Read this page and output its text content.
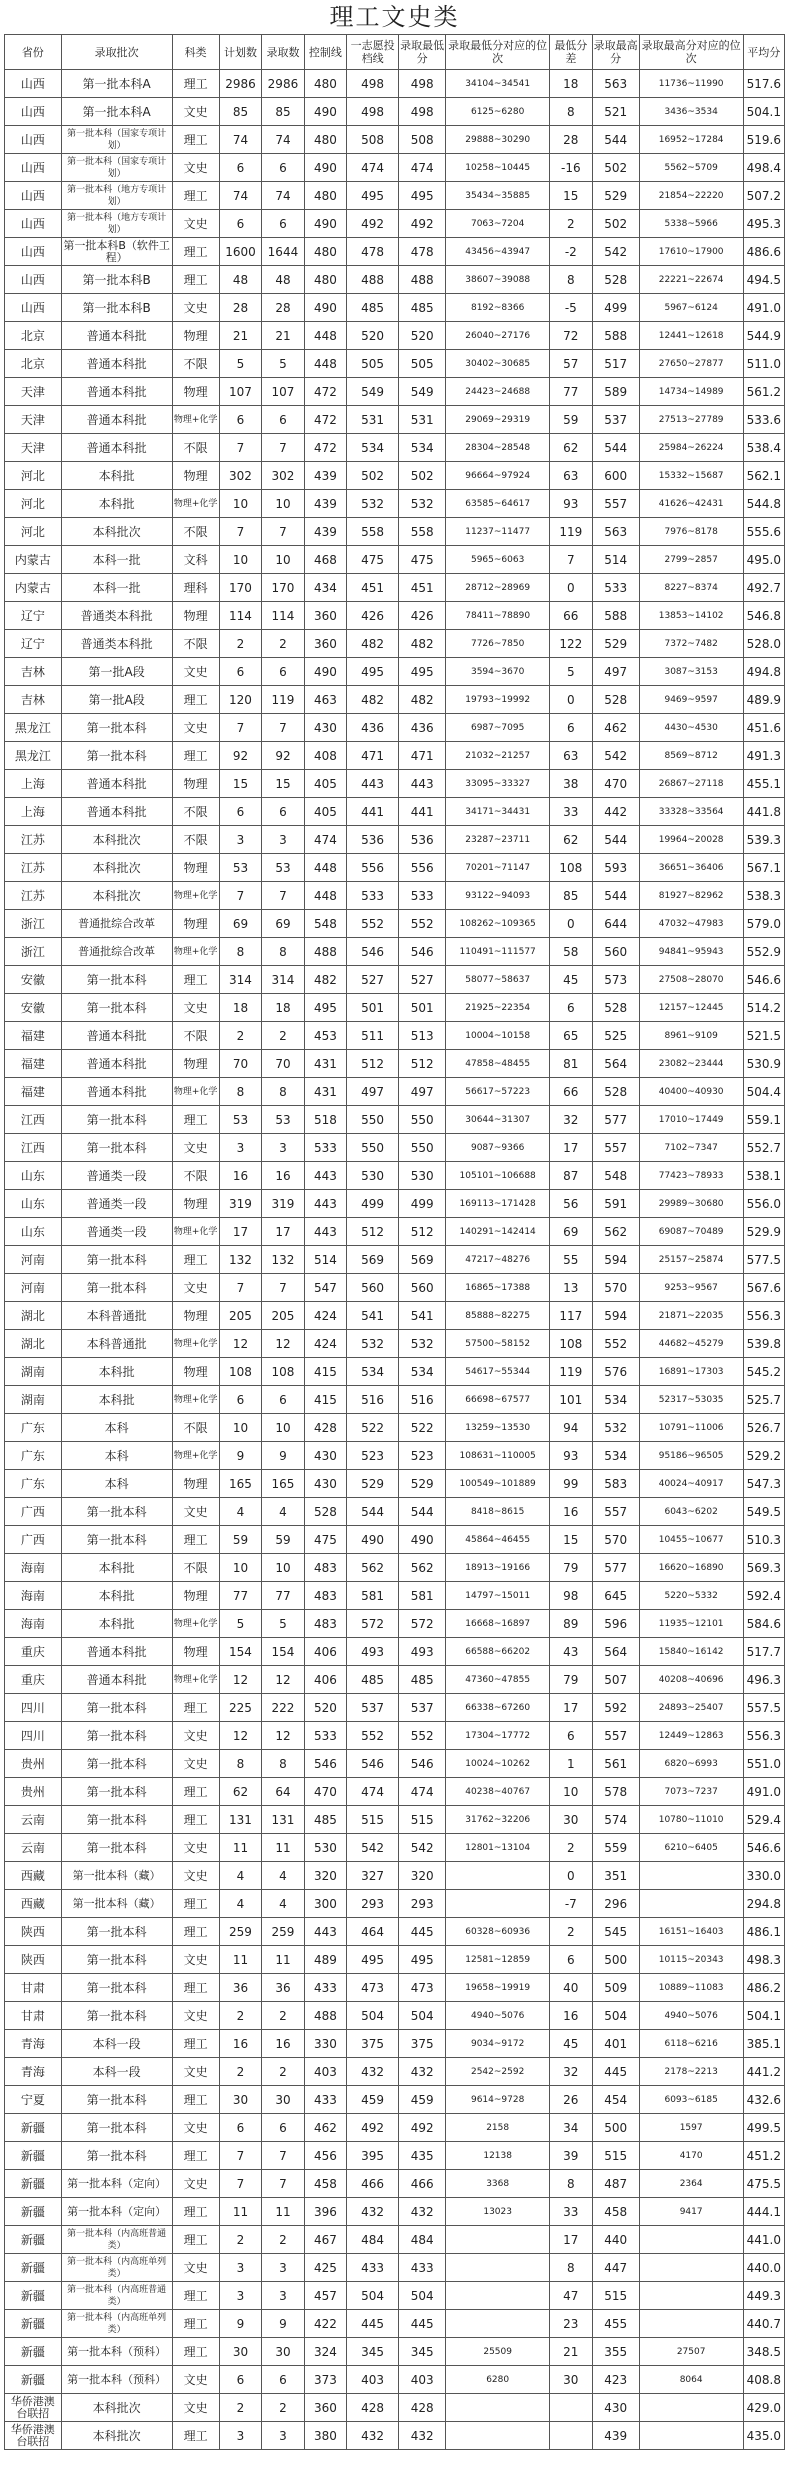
理工文史类
省份	录取批次	科类	计划数	录取数	控制线	一志愿投档线	录取最低分	录取最低分对应的位次	最低分差	录取最高分	录取最高分对应的位次	平均分
山西	第一批本科A	理工	2986	2986	480	498	498	34104~34541	18	563	11736~11990	517.6
山西	第一批本科A	文史	85	85	490	498	498	6125~6280	8	521	3436~3534	504.1
山西	第一批本科（国家专项计划）	理工	74	74	480	508	508	29888~30290	28	544	16952~17284	519.6
山西	第一批本科（国家专项计划）	文史	6	6	490	474	474	10258~10445	-16	502	5562~5709	498.4
山西	第一批本科（地方专项计划）	理工	74	74	480	495	495	35434~35885	15	529	21854~22220	507.2
山西	第一批本科（地方专项计划）	文史	6	6	490	492	492	7063~7204	2	502	5338~5966	495.3
山西	第一批本科B（软件工程）	理工	1600	1644	480	478	478	43456~43947	-2	542	17610~17900	486.6
山西	第一批本科B	理工	48	48	480	488	488	38607~39088	8	528	22221~22674	494.5
山西	第一批本科B	文史	28	28	490	485	485	8192~8366	-5	499	5967~6124	491.0
北京	普通本科批	物理	21	21	448	520	520	26040~27176	72	588	12441~12618	544.9
北京	普通本科批	不限	5	5	448	505	505	30402~30685	57	517	27650~27877	511.0
天津	普通本科批	物理	107	107	472	549	549	24423~24688	77	589	14734~14989	561.2
天津	普通本科批	物理+化学	6	6	472	531	531	29069~29319	59	537	27513~27789	533.6
天津	普通本科批	不限	7	7	472	534	534	28304~28548	62	544	25984~26224	538.4
河北	本科批	物理	302	302	439	502	502	96664~97924	63	600	15332~15687	562.1
河北	本科批	物理+化学	10	10	439	532	532	63585~64617	93	557	41626~42431	544.8
河北	本科批次	不限	7	7	439	558	558	11237~11477	119	563	7976~8178	555.6
内蒙古	本科一批	文科	10	10	468	475	475	5965~6063	7	514	2799~2857	495.0
内蒙古	本科一批	理科	170	170	434	451	451	28712~28969	0	533	8227~8374	492.7
辽宁	普通类本科批	物理	114	114	360	426	426	78411~78890	66	588	13853~14102	546.8
辽宁	普通类本科批	不限	2	2	360	482	482	7726~7850	122	529	7372~7482	528.0
吉林	第一批A段	文史	6	6	490	495	495	3594~3670	5	497	3087~3153	494.8
吉林	第一批A段	理工	120	119	463	482	482	19793~19992	0	528	9469~9597	489.9
黑龙江	第一批本科	文史	7	7	430	436	436	6987~7095	6	462	4430~4530	451.6
黑龙江	第一批本科	理工	92	92	408	471	471	21032~21257	63	542	8569~8712	491.3
上海	普通本科批	物理	15	15	405	443	443	33095~33327	38	470	26867~27118	455.1
上海	普通本科批	不限	6	6	405	441	441	34171~34431	33	442	33328~33564	441.8
江苏	本科批次	不限	3	3	474	536	536	23287~23711	62	544	19964~20028	539.3
江苏	本科批次	物理	53	53	448	556	556	70201~71147	108	593	36651~36406	567.1
江苏	本科批次	物理+化学	7	7	448	533	533	93122~94093	85	544	81927~82962	538.3
浙江	普通批综合改革	物理	69	69	548	552	552	108262~109365	0	644	47032~47983	579.0
浙江	普通批综合改革	物理+化学	8	8	488	546	546	110491~111577	58	560	94841~95943	552.9
安徽	第一批本科	理工	314	314	482	527	527	58077~58637	45	573	27508~28070	546.6
安徽	第一批本科	文史	18	18	495	501	501	21925~22354	6	528	12157~12445	514.2
福建	普通本科批	不限	2	2	453	511	513	10004~10158	65	525	8961~9109	521.5
福建	普通本科批	物理	70	70	431	512	512	47858~48455	81	564	23082~23444	530.9
福建	普通本科批	物理+化学	8	8	431	497	497	56617~57223	66	528	40400~40930	504.4
江西	第一批本科	理工	53	53	518	550	550	30644~31307	32	577	17010~17449	559.1
江西	第一批本科	文史	3	3	533	550	550	9087~9366	17	557	7102~7347	552.7
山东	普通类一段	不限	16	16	443	530	530	105101~106688	87	548	77423~78933	538.1
山东	普通类一段	物理	319	319	443	499	499	169113~171428	56	591	29989~30680	556.0
山东	普通类一段	物理+化学	17	17	443	512	512	140291~142414	69	562	69087~70489	529.9
河南	第一批本科	理工	132	132	514	569	569	47217~48276	55	594	25157~25874	577.5
河南	第一批本科	文史	7	7	547	560	560	16865~17388	13	570	9253~9567	567.6
湖北	本科普通批	物理	205	205	424	541	541	85888~82275	117	594	21871~22035	556.3
湖北	本科普通批	物理+化学	12	12	424	532	532	57500~58152	108	552	44682~45279	539.8
湖南	本科批	物理	108	108	415	534	534	54617~55344	119	576	16891~17303	545.2
湖南	本科批	物理+化学	6	6	415	516	516	66698~67577	101	534	52317~53035	525.7
广东	本科	不限	10	10	428	522	522	13259~13530	94	532	10791~11006	526.7
广东	本科	物理+化学	9	9	430	523	523	108631~110005	93	534	95186~96505	529.2
广东	本科	物理	165	165	430	529	529	100549~101889	99	583	40024~40917	547.3
广西	第一批本科	文史	4	4	528	544	544	8418~8615	16	557	6043~6202	549.5
广西	第一批本科	理工	59	59	475	490	490	45864~46455	15	570	10455~10677	510.3
海南	本科批	不限	10	10	483	562	562	18913~19166	79	577	16620~16890	569.3
海南	本科批	物理	77	77	483	581	581	14797~15011	98	645	5220~5332	592.4
海南	本科批	物理+化学	5	5	483	572	572	16668~16897	89	596	11935~12101	584.6
重庆	普通本科批	物理	154	154	406	493	493	66588~66202	43	564	15840~16142	517.7
重庆	普通本科批	物理+化学	12	12	406	485	485	47360~47855	79	507	40208~40696	496.3
四川	第一批本科	理工	225	222	520	537	537	66338~67260	17	592	24893~25407	557.5
四川	第一批本科	文史	12	12	533	552	552	17304~17772	6	557	12449~12863	556.3
贵州	第一批本科	文史	8	8	546	546	546	10024~10262	1	561	6820~6993	551.0
贵州	第一批本科	理工	62	64	470	474	474	40238~40767	10	578	7073~7237	491.0
云南	第一批本科	理工	131	131	485	515	515	31762~32206	30	574	10780~11010	529.4
云南	第一批本科	文史	11	11	530	542	542	12801~13104	2	559	6210~6405	546.6
西藏	第一批本科（藏）	文史	4	4	320	327	320		0	351		330.0
西藏	第一批本科（藏）	理工	4	4	300	293	293		-7	296		294.8
陕西	第一批本科	理工	259	259	443	464	445	60328~60936	2	545	16151~16403	486.1
陕西	第一批本科	文史	11	11	489	495	495	12581~12859	6	500	10115~20343	498.3
甘肃	第一批本科	理工	36	36	433	473	473	19658~19919	40	509	10889~11083	486.2
甘肃	第一批本科	文史	2	2	488	504	504	4940~5076	16	504	4940~5076	504.1
青海	本科一段	理工	16	16	330	375	375	9034~9172	45	401	6118~6216	385.1
青海	本科一段	文史	2	2	403	432	432	2542~2592	32	445	2178~2213	441.2
宁夏	第一批本科	理工	30	30	433	459	459	9614~9728	26	454	6093~6185	432.6
新疆	第一批本科	文史	6	6	462	492	492	2158	34	500	1597	499.5
新疆	第一批本科	理工	7	7	456	395	435	12138	39	515	4170	451.2
新疆	第一批本科（定向）	文史	7	7	458	466	466	3368	8	487	2364	475.5
新疆	第一批本科（定向）	理工	11	11	396	432	432	13023	33	458	9417	444.1
新疆	第一批本科（内高班普通类）	理工	2	2	467	484	484		17	440		441.0
新疆	第一批本科（内高班单列类）	文史	3	3	425	433	433		8	447		440.0
新疆	第一批本科（内高班普通类）	理工	3	3	457	504	504		47	515		449.3
新疆	第一批本科（内高班单列类）	理工	9	9	422	445	445		23	455		440.7
新疆	第一批本科（预科）	理工	30	30	324	345	345	25509	21	355	27507	348.5
新疆	第一批本科（预科）	文史	6	6	373	403	403	6280	30	423	8064	408.8
华侨港澳台联招	本科批次	文史	2	2	360	428	428			430		429.0
华侨港澳台联招	本科批次	理工	3	3	380	432	432			439		435.0
